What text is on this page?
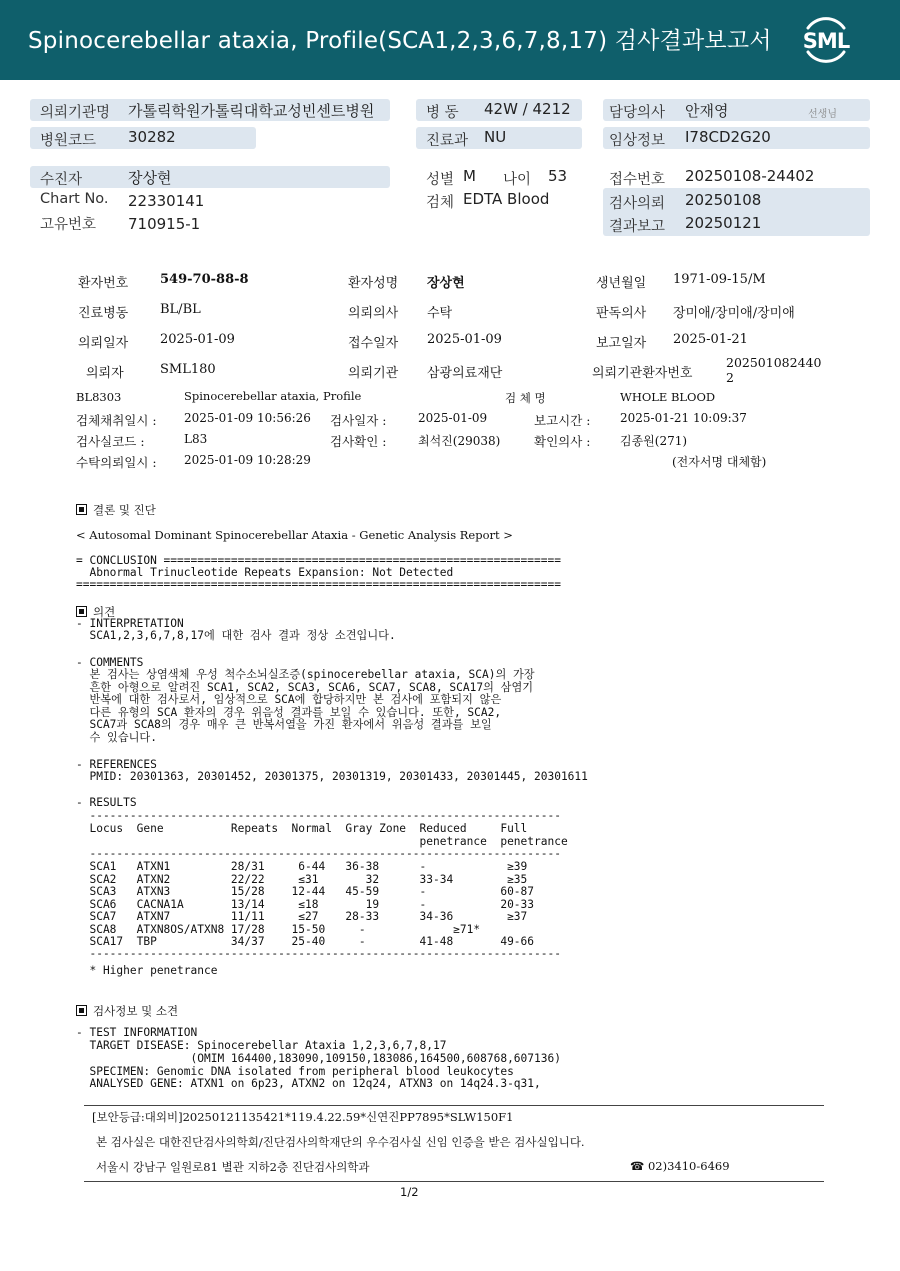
Spinocerebellar ataxia, Profile(SCA1,2,3,6,7,8,17) 검사결과보고서 SML
의뢰기관명 가톨릭학원가톨릭대학교성빈센트병원
병원코드 30282
병 동 42W / 4212
진료과 NU
담당의사 안재영	선생님
임상정보 I78CD2G20
수진자	장상현
Chart No. 22330141
고유번호 710915-1
성별 M 나이 53
검체 EDTA Blood
접수번호 20250108-24402
검사의뢰 20250108
결과보고 20250121
환자번호 549-70-88-8	환자성명 장상현	생년월일 1971-09-15/M
진료병동 BL/BL	의뢰의사 수탁	판독의사 장미애/장미애/장미애
의뢰일자 2025-01-09	접수일자 2025-01-09	보고일자 2025-01-21
의뢰자	SML180	의뢰기관 삼광의료재단	의뢰기관환자번호
202501082440
2
BL8303	Spinocerebellar ataxia, Profile	검 체 명	WHOLE BLOOD
검체채취일시 : 2025-01-09 10:56:26 검사일자 :	2025-01-09	보고시간 : 2025-01-21 10:09:37
검사실코드 :	L83	검사확인 :	최석진(29038)	확인의사 : 김종원(271)
수탁의뢰일시 : 2025-01-09 10:28:29	(전자서명 대체함)
결론 및 진단
< Autosomal Dominant Spinocerebellar Ataxia - Genetic Analysis Report >
= CONCLUSION ===========================================================
Abnormal Trinucleotide Repeats Expansion: Not Detected
========================================================================
의견
- INTERPRETATION
SCA1,2,3,6,7,8,17에 대한 검사 결과 정상 소견입니다.
- COMMENTS
본 검사는 상염색체 우성 척수소뇌실조증(spinocerebellar ataxia, SCA)의 가장
흔한 아형으로 알려진 SCA1, SCA2, SCA3, SCA6, SCA7, SCA8, SCA17의 삼염기
반복에 대한 검사로서, 임상적으로 SCA에 합당하지만 본 검사에 포함되지 않은
다른 유형의 SCA 환자의 경우 위음성 결과를 보일 수 있습니다. 또한, SCA2,
SCA7과 SCA8의 경우 매우 큰 반복서열을 가진 환자에서 위음성 결과를 보일
수 있습니다.
- REFERENCES
PMID: 20301363, 20301452, 20301375, 20301319, 20301433, 20301445, 20301611
- RESULTS
----------------------------------------------------------------------
Locus  Gene          Repeats  Normal  Gray Zone  Reduced     Full
penetrance  penetrance
----------------------------------------------------------------------
SCA1   ATXN1         28/31     6-44   36-38      -            ≥39
SCA2   ATXN2         22/22     ≤31       32      33-34        ≥35
SCA3   ATXN3         15/28    12-44   45-59      -           60-87
SCA6   CACNA1A       13/14     ≤18       19      -           20-33
SCA7   ATXN7         11/11     ≤27    28-33      34-36        ≥37
SCA8   ATXN8OS/ATXN8 17/28    15-50     -             ≥71*
SCA17  TBP           34/37    25-40     -        41-48       49-66
----------------------------------------------------------------------
* Higher penetrance
검사정보 및 소견
- TEST INFORMATION
TARGET DISEASE: Spinocerebellar Ataxia 1,2,3,6,7,8,17
(OMIM 164400,183090,109150,183086,164500,608768,607136)
SPECIMEN: Genomic DNA isolated from peripheral blood leukocytes
ANALYSED GENE: ATXN1 on 6p23, ATXN2 on 12q24, ATXN3 on 14q24.3-q31,
[보안등급:대외비]20250121135421*119.4.22.59*신연진PP7895*SLW150F1
본 검사실은 대한진단검사의학회/진단검사의학재단의 우수검사실 신임 인증을 받은 검사실입니다.
서울시 강남구 일원로81 별관 지하2층 진단검사의학과	☎ 02)3410-6469
1/2
